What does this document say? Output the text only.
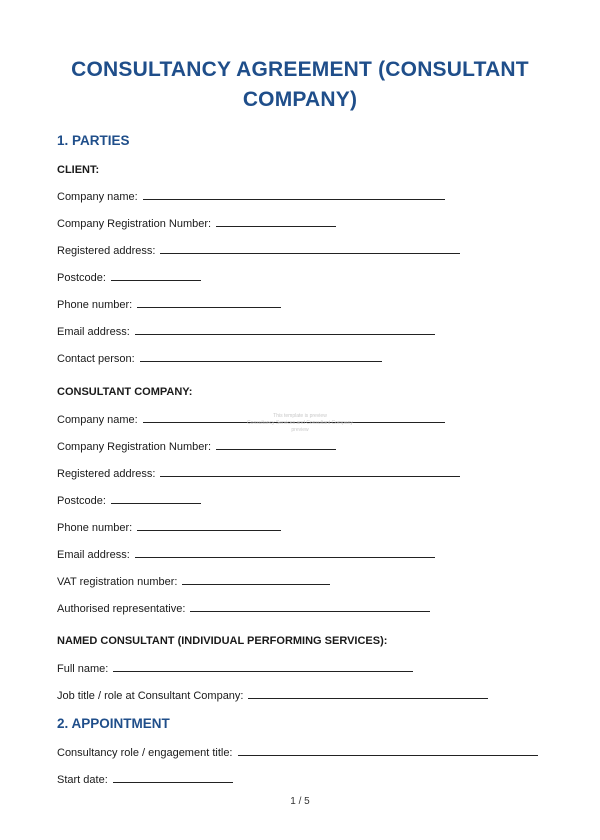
CONSULTANCY AGREEMENT (CONSULTANT COMPANY)
1. PARTIES
CLIENT:
Company name:
Company Registration Number:
Registered address:
Postcode:
Phone number:
Email address:
Contact person:
CONSULTANT COMPANY:
Company name:
Company Registration Number:
Registered address:
Postcode:
Phone number:
Email address:
VAT registration number:
Authorised representative:
NAMED CONSULTANT (INDIVIDUAL PERFORMING SERVICES):
Full name:
Job title / role at Consultant Company:
2. APPOINTMENT
Consultancy role / engagement title:
Start date:
This template is preview
Consultancy Services and Consultant Company preview
1 / 5
